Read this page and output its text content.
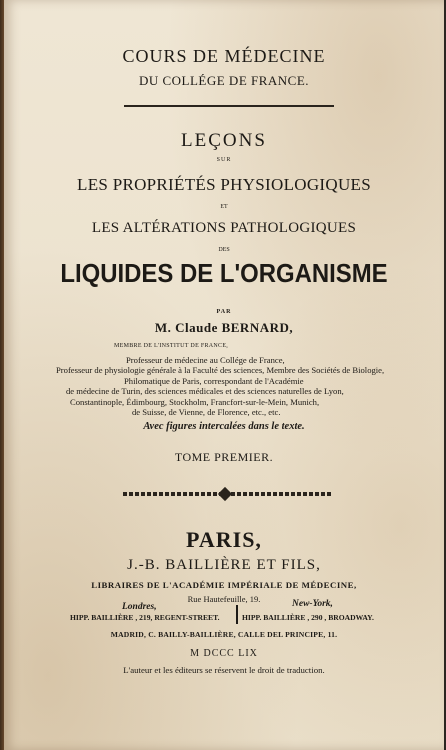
COURS DE MÉDECINE
DU COLLÉGE DE FRANCE.
LEÇONS
SUR
LES PROPRIÉTÉS PHYSIOLOGIQUES
ET
LES ALTÉRATIONS PATHOLOGIQUES
DES
LIQUIDES DE L'ORGANISME
PAR
M. Claude BERNARD,
MEMBRE DE L'INSTITUT DE FRANCE,
Professeur de médecine au Collége de France,
Professeur de physiologie générale à la Faculté des sciences, Membre des Sociétés de Biologie,
Philomatique de Paris, correspondant de l'Académie
de médecine de Turin, des sciences médicales et des sciences naturelles de Lyon,
Constantinople, Édimbourg, Stockholm, Francfort-sur-le-Mein, Munich,
de Suisse, de Vienne, de Florence, etc., etc.
Avec figures intercalées dans le texte.
TOME PREMIER.
PARIS,
J.-B. BAILLIÈRE ET FILS,
LIBRAIRES DE L'ACADÉMIE IMPÉRIALE DE MÉDECINE,
Rue Hautefeuille, 19.
Londres,	New-York,
HIPP. BAILLIÈRE , 219, REGENT-STREET.	HIPP. BAILLIÈRE , 290 , BROADWAY.
MADRID, C. BAILLY-BAILLIÈRE, CALLE DEL PRINCIPE, 11.
M DCCC LIX
L'auteur et les éditeurs se réservent le droit de traduction.
